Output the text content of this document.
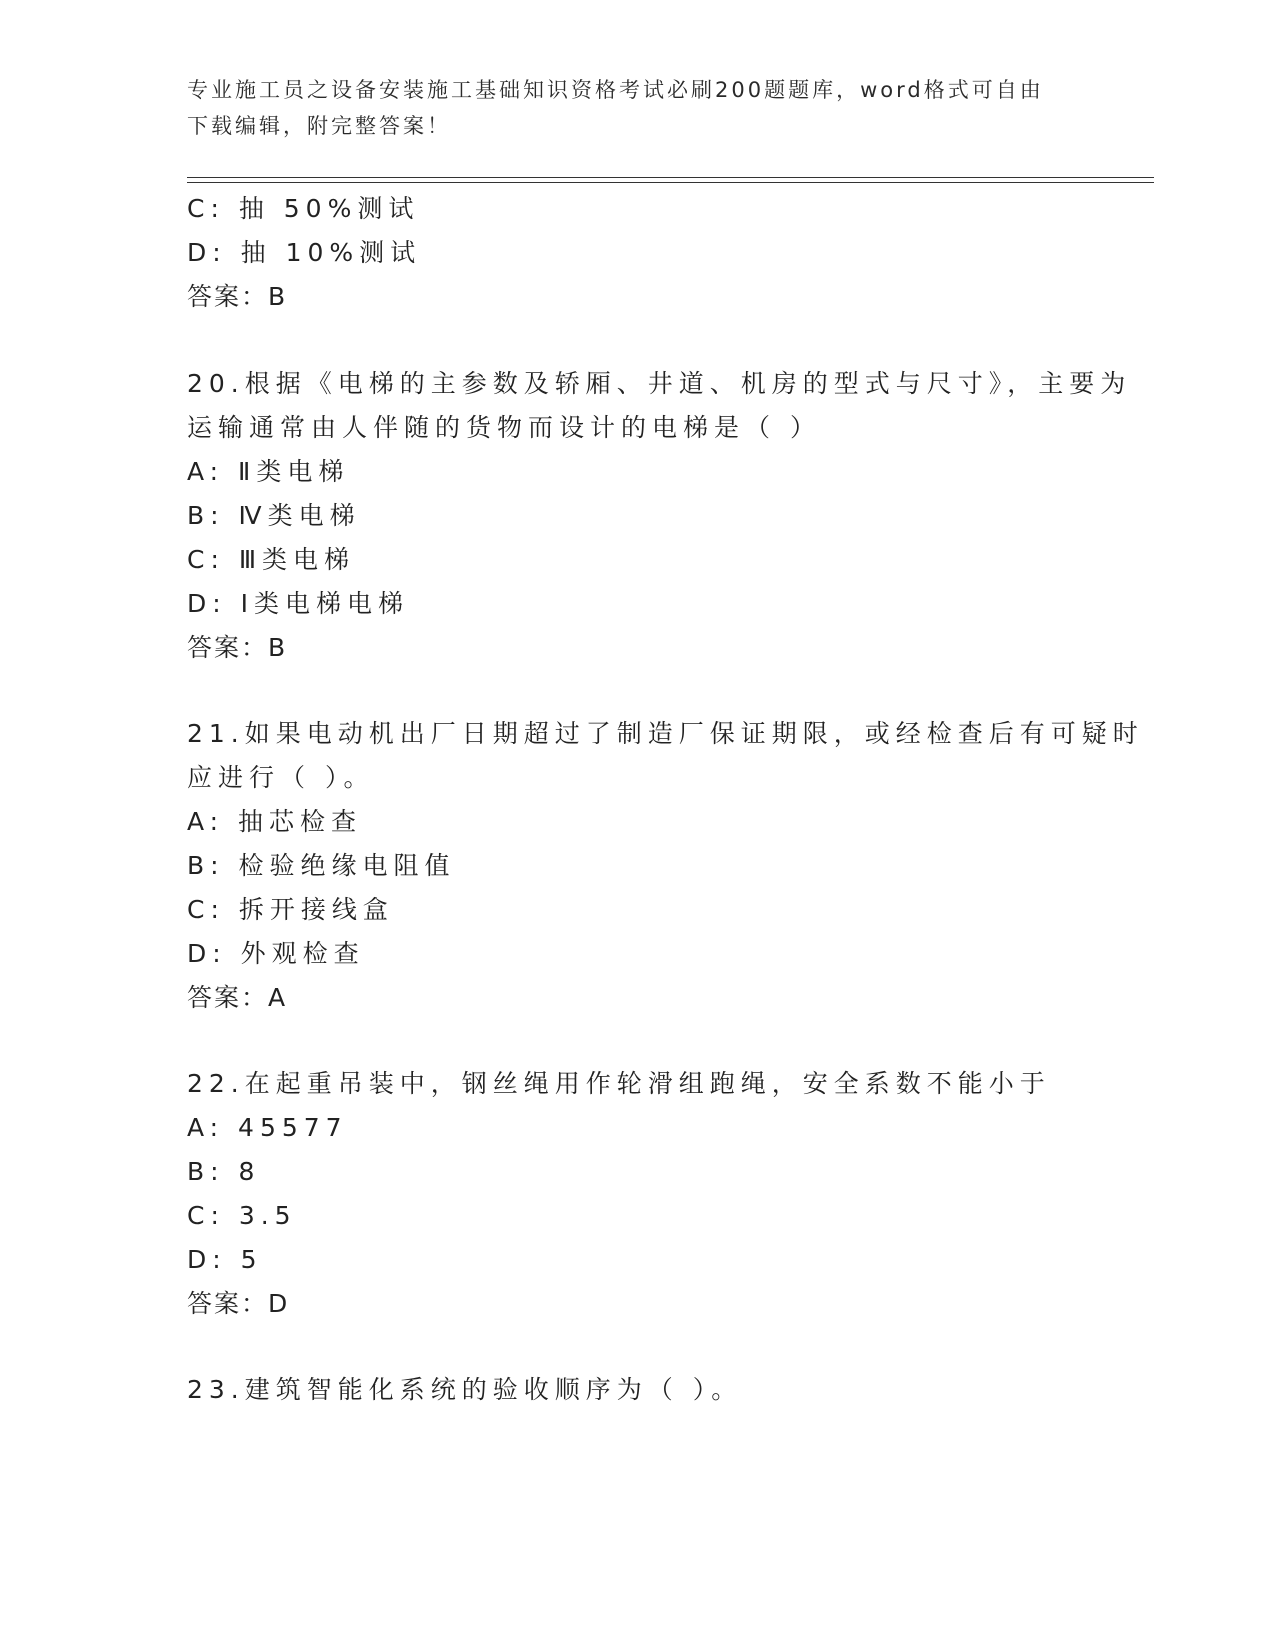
专业施工员之设备安装施工基础知识资格考试必刷200题题库，word格式可自由
下载编辑，附完整答案！
C: 抽 50%测试
D: 抽 10%测试
答案：B
20.根据《电梯的主参数及轿厢、井道、机房的型式与尺寸》，主要为
运输通常由人伴随的货物而设计的电梯是（ ）
A: Ⅱ类电梯
B: Ⅳ类电梯
C: Ⅲ类电梯
D: Ⅰ类电梯电梯
答案：B
21.如果电动机出厂日期超过了制造厂保证期限，或经检查后有可疑时
应进行（ ）。
A: 抽芯检查
B: 检验绝缘电阻值
C: 拆开接线盒
D: 外观检查
答案：A
22.在起重吊装中，钢丝绳用作轮滑组跑绳，安全系数不能小于
A: 45577
B: 8
C: 3.5
D: 5
答案：D
23.建筑智能化系统的验收顺序为（ ）。
